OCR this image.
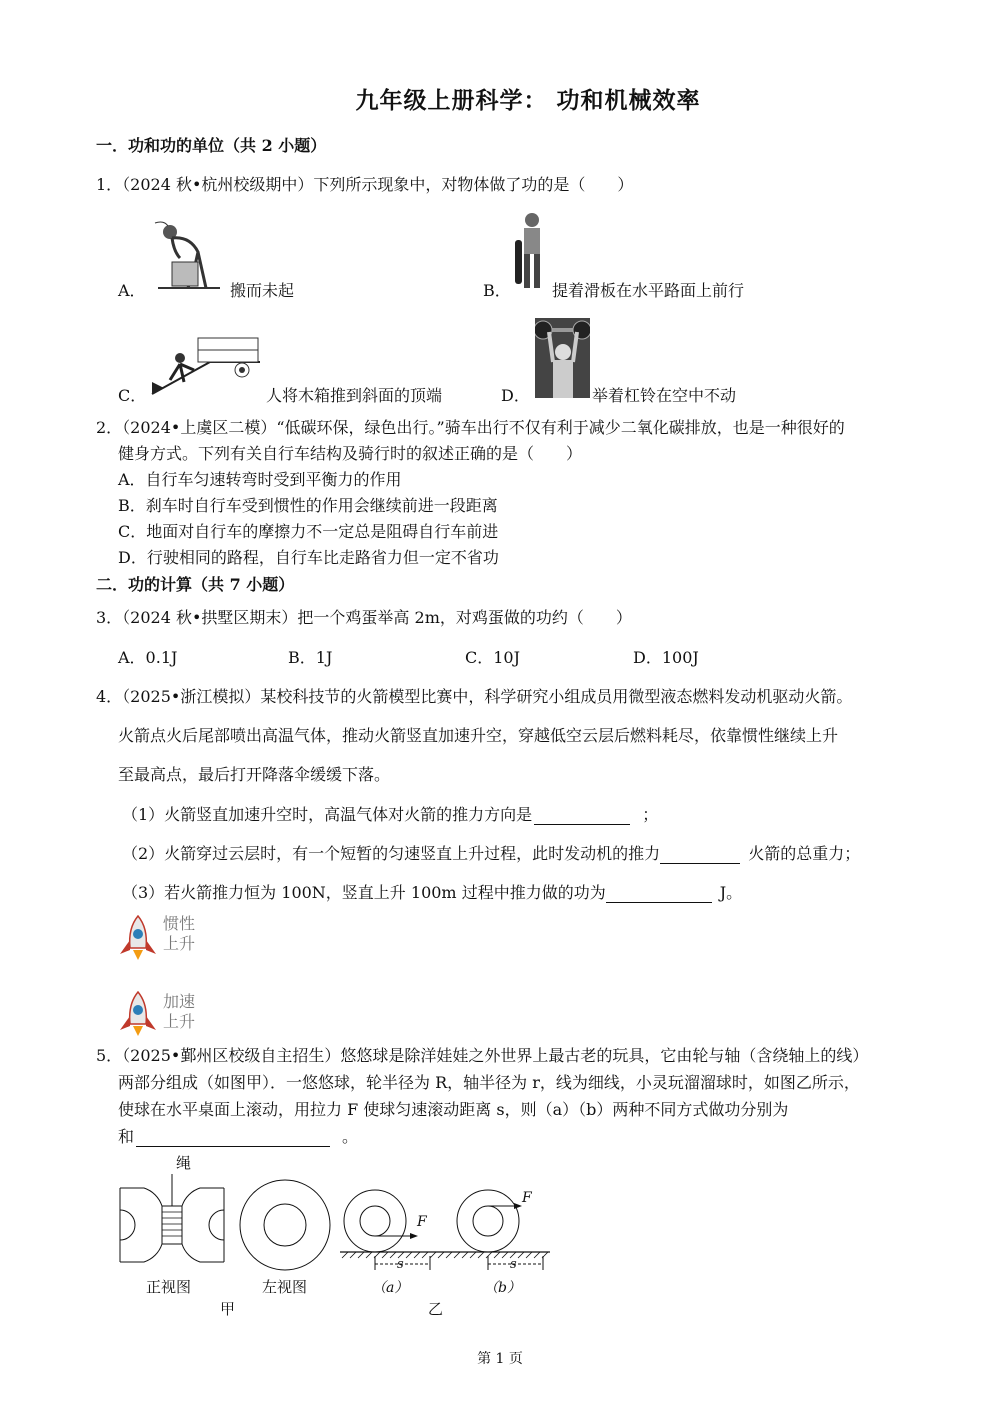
九年级上册科学： 功和机械效率
一．功和功的单位（共 2 小题）
1．（2024 秋•杭州校级期中）下列所示现象中，对物体做了功的是（　　）
A．	搬而未起	B．	提着滑板在水平路面上前行
C．	人将木箱推到斜面的顶端	D．	举着杠铃在空中不动
2．（2024•上虞区二模）“低碳环保，绿色出行。”骑车出行不仅有利于减少二氧化碳排放，也是一种很好的
健身方式。下列有关自行车结构及骑行时的叙述正确的是（　　）
A．自行车匀速转弯时受到平衡力的作用
B．刹车时自行车受到惯性的作用会继续前进一段距离
C．地面对自行车的摩擦力不一定总是阻碍自行车前进
D．行驶相同的路程，自行车比走路省力但一定不省功
二．功的计算（共 7 小题）
3．（2024 秋•拱墅区期末）把一个鸡蛋举高 2m，对鸡蛋做的功约（　　）
A．0.1J	B．1J	C．10J	D．100J
4．（2025•浙江模拟）某校科技节的火箭模型比赛中，科学研究小组成员用微型液态燃料发动机驱动火箭。
火箭点火后尾部喷出高温气体，推动火箭竖直加速升空，穿越低空云层后燃料耗尽，依靠惯性继续上升
至最高点，最后打开降落伞缓缓下落。
（1）火箭竖直加速升空时，高温气体对火箭的推力方向是	；
（2）火箭穿过云层时，有一个短暂的匀速竖直上升过程，此时发动机的推力	火箭的总重力；
（3）若火箭推力恒为 100N，竖直上升 100m 过程中推力做的功为	J。
惯性
上升
加速
上升
5．（2025•鄞州区校级自主招生）悠悠球是除洋娃娃之外世界上最古老的玩具，它由轮与轴（含绕轴上的线）
两部分组成（如图甲）．一悠悠球，轮半径为 R，轴半径为 r，线为细线，小灵玩溜溜球时，如图乙所示，
使球在水平桌面上滚动，用拉力 F 使球匀速滚动距离 s，则（a）（b）两种不同方式做功分别为
和	。
绳
正视图	左视图
F
s
（a）
F
s
（b）
甲	乙
第 1 页
